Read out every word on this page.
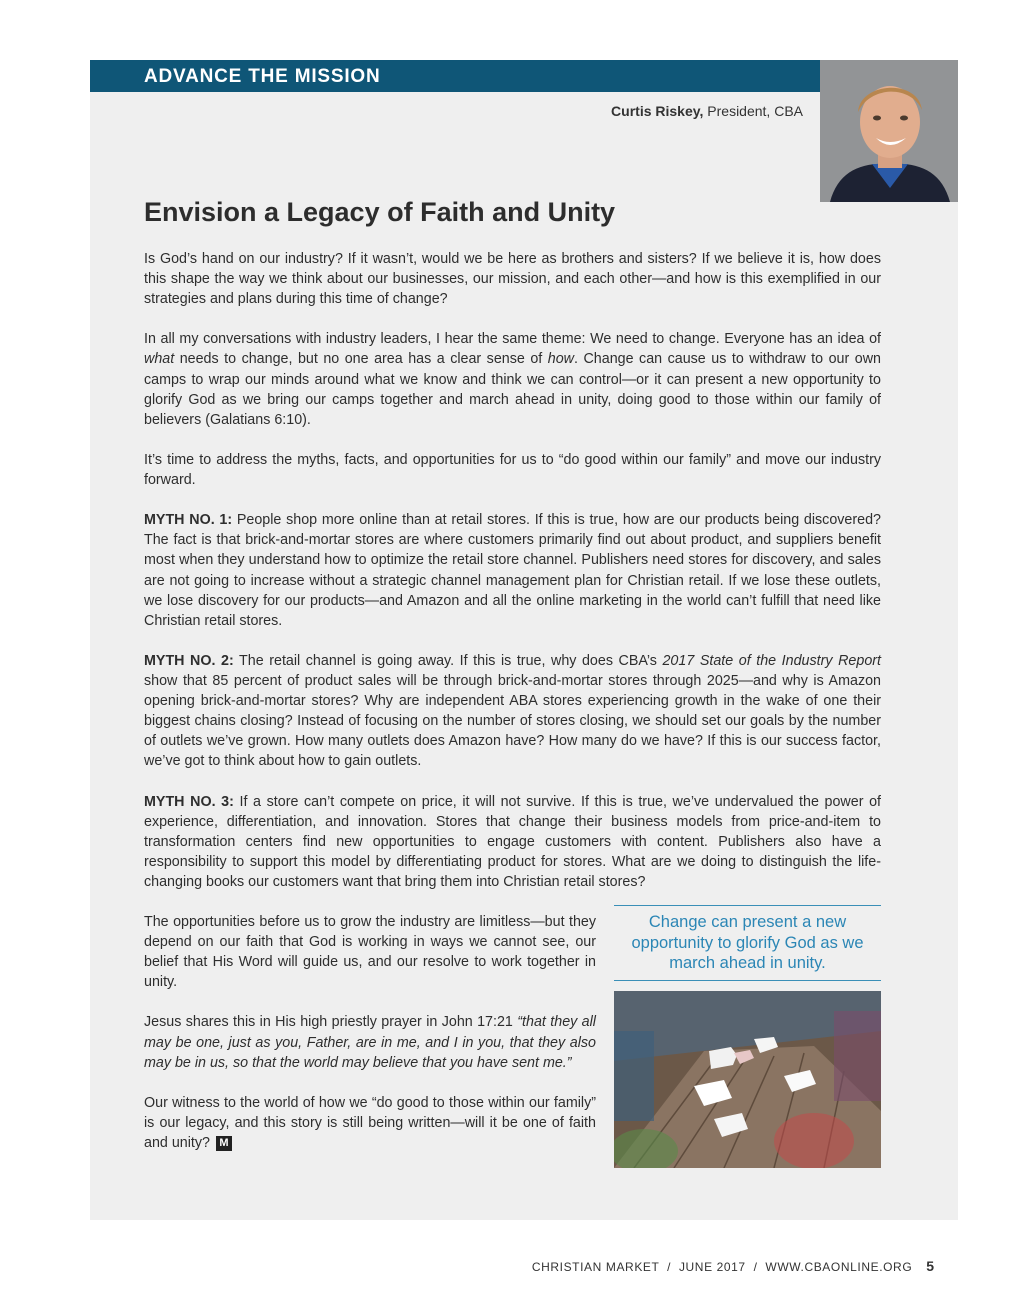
ADVANCE THE MISSION
Curtis Riskey, President, CBA
Envision a Legacy of Faith and Unity

Is God’s hand on our industry? If it wasn’t, would we be here as brothers and sisters? If we believe it is, how does this shape the way we think about our businesses, our mission, and each other—and how is this exemplified in our strategies and plans during this time of change?

In all my conversations with industry leaders, I hear the same theme: We need to change. Everyone has an idea of what needs to change, but no one area has a clear sense of how. Change can cause us to withdraw to our own camps to wrap our minds around what we know and think we can control—or it can present a new opportunity to glorify God as we bring our camps together and march ahead in unity, doing good to those within our family of believers (Galatians 6:10).

It’s time to address the myths, facts, and opportunities for us to “do good within our family” and move our industry forward.

MYTH NO. 1: People shop more online than at retail stores. If this is true, how are our products being discovered? The fact is that brick-and-mortar stores are where customers primarily find out about product, and suppliers benefit most when they understand how to optimize the retail store channel. Publishers need stores for discovery, and sales are not going to increase without a strategic channel management plan for Christian retail. If we lose these outlets, we lose discovery for our products—and Amazon and all the online marketing in the world can’t fulfill that need like Christian retail stores.

MYTH NO. 2: The retail channel is going away. If this is true, why does CBA’s 2017 State of the Industry Report show that 85 percent of product sales will be through brick-and-mortar stores through 2025—and why is Amazon opening brick-and-mortar stores? Why are independent ABA stores experiencing growth in the wake of one their biggest chains closing? Instead of focusing on the number of stores closing, we should set our goals by the number of outlets we’ve grown. How many outlets does Amazon have? How many do we have? If this is our success factor, we’ve got to think about how to gain outlets.

MYTH NO. 3: If a store can’t compete on price, it will not survive. If this is true, we’ve undervalued the power of experience, differentiation, and innovation. Stores that change their business models from price-and-item to transformation centers find new opportunities to engage customers with content. Publishers also have a responsibility to support this model by differentiating product for stores. What are we doing to distinguish the life-changing books our customers want that bring them into Christian retail stores?

The opportunities before us to grow the industry are limitless—but they depend on our faith that God is working in ways we cannot see, our belief that His Word will guide us, and our resolve to work together in unity.

Jesus shares this in His high priestly prayer in John 17:21 “that they all may be one, just as you, Father, are in me, and I in you, that they also may be in us, so that the world may believe that you have sent me.”

Our witness to the world of how we “do good to those within our family” is our legacy, and this story is still being written—will it be one of faith and unity? M

Change can present a new opportunity to glorify God as we march ahead in unity.
CHRISTIAN MARKET / JUNE 2017 / WWW.CBAONLINE.ORG 5
